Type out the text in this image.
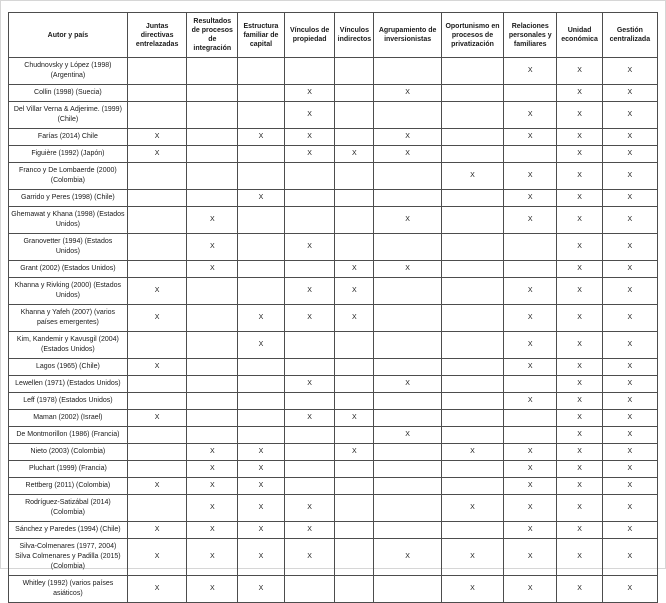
Autor y país	Juntas directivas entrelazadas	Resultados de procesos de integración	Estructura familiar de capital	Vínculos de propiedad	Vínculos indirectos	Agrupamiento de inversionistas	Oportunismo en procesos de privatización	Relaciones personales y familiares	Unidad económica	Gestión centralizada
Chudnovsky y López (1998) (Argentina)								X	X	X
Collin (1998) (Suecia)				X		X			X	X
Del Villar Verna & Adjerime. (1999) (Chile)				X				X	X	X
Farías (2014) Chile	X		X	X		X		X	X	X
Figuière (1992) (Japón)	X			X	X	X			X	X
Franco y De Lombaerde (2000) (Colombia)							X	X	X	X
Garrido y Peres (1998) (Chile)			X					X	X	X
Ghemawat y Khana (1998) (Estados Unidos)		X				X		X	X	X
Granovetter (1994) (Estados Unidos)		X		X					X	X
Grant (2002) (Estados Unidos)		X			X	X			X	X
Khanna y Rivking (2000) (Estados Unidos)	X			X	X			X	X	X
Khanna y Yafeh (2007) (varios países emergentes)	X		X	X	X			X	X	X
Kim, Kandemir y Kavusgil (2004) (Estados Unidos)			X					X	X	X
Lagos (1965) (Chile)	X							X	X	X
Lewellen (1971) (Estados Unidos)				X		X			X	X
Leff (1978) (Estados Unidos)								X	X	X
Maman (2002) (Israel)	X			X	X				X	X
De Montmorillon (1986) (Francia)						X			X	X
Nieto (2003) (Colombia)		X	X		X		X	X	X	X
Pluchart (1999) (Francia)		X	X					X	X	X
Rettberg (2011) (Colombia)	X	X	X					X	X	X
Rodríguez-Satizábal (2014) (Colombia)		X	X	X			X	X	X	X
Sánchez y Paredes (1994) (Chile)	X	X	X	X				X	X	X
Silva-Colmenares (1977, 2004) Silva Colmenares y Padilla (2015) (Colombia)	X	X	X	X		X	X	X	X	X
Whitley (1992) (varios países asiáticos)	X	X	X				X	X	X	X
